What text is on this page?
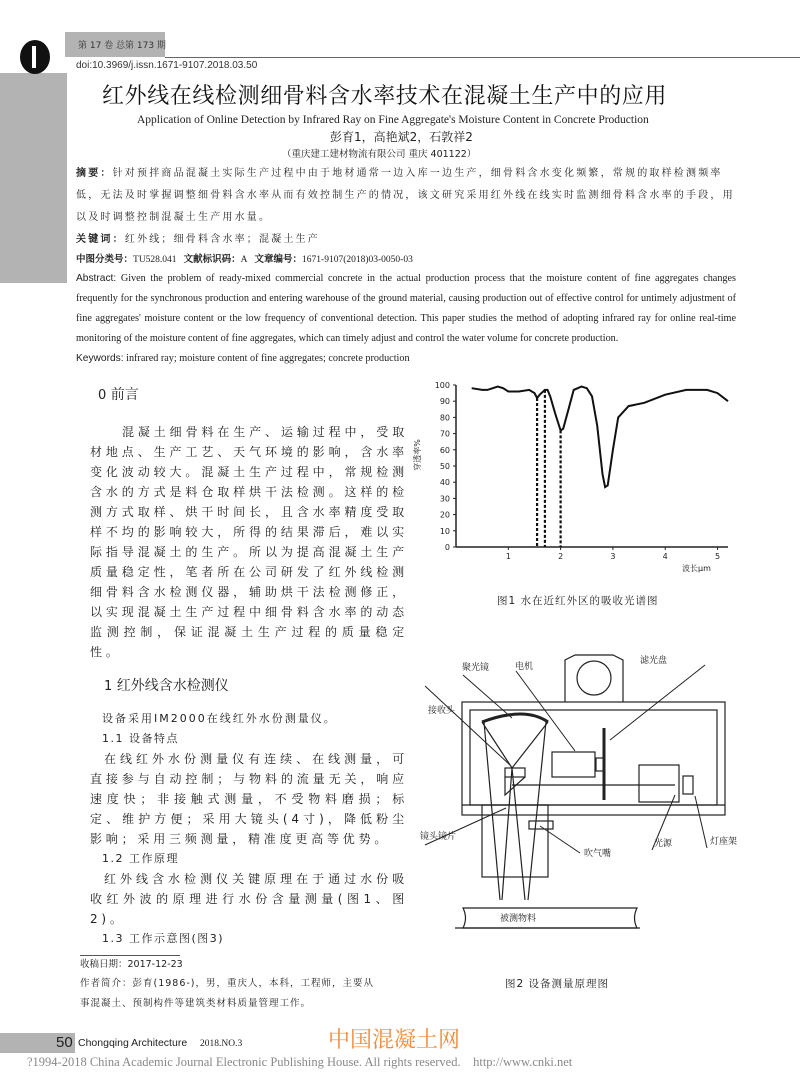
第 17 卷 总第 173 期
doi:10.3969/j.issn.1671-9107.2018.03.50
红外线在线检测细骨料含水率技术在混凝土生产中的应用
Application of Online Detection by Infrared Ray on Fine Aggregate's Moisture Content in Concrete Production
彭育1，高艳斌2，石敦祥2
（重庆建工建材物流有限公司 重庆 401122）
摘要：针对预拌商品混凝土实际生产过程中由于地材通常一边入库一边生产，细骨料含水变化频繁，常规的取样检测频率低，无法及时掌握调整细骨料含水率从而有效控制生产的情况，该文研究采用红外线在线实时监测细骨料含水率的手段，用以及时调整控制混凝土生产用水量。
关键词：红外线；细骨料含水率；混凝土生产
中图分类号：TU528.041 文献标识码：A 文章编号：1671-9107(2018)03-0050-03
Abstract: Given the problem of ready-mixed commercial concrete in the actual production process that the moisture content of fine aggregates changes frequently for the synchronous production and entering warehouse of the ground material, causing production out of effective control for untimely adjustment of fine aggregates' moisture content or the low frequency of conventional detection. This paper studies the method of adopting infrared ray for online real-time monitoring of the moisture content of fine aggregates, which can timely adjust and control the water volume for concrete production.
Keywords: infrared ray; moisture content of fine aggregates; concrete production
0 前言
混凝土细骨料在生产、运输过程中，受取材地点、生产工艺、天气环境的影响，含水率变化波动较大。混凝土生产过程中，常规检测含水的方式是料仓取样烘干法检测。这样的检测方式取样、烘干时间长，且含水率精度受取样不均的影响较大，所得的结果滞后，难以实际指导混凝土的生产。所以为提高混凝土生产质量稳定性，笔者所在公司研发了红外线检测细骨料含水检测仪器，辅助烘干法检测修正，以实现混凝土生产过程中细骨料含水率的动态监测控制，保证混凝土生产过程的质量稳定性。
1 红外线含水检测仪
设备采用IM2000在线红外水份测量仪。
1.1 设备特点
在线红外水份测量仪有连续、在线测量，可直接参与自动控制；与物料的流量无关，响应速度快；非接触式测量，不受物料磨损；标定、维护方便；采用大镜头(4寸)，降低粉尘影响；采用三频测量，精准度更高等优势。
1.2 工作原理
红外线含水检测仪关键原理在于通过水份吸收红外波的原理进行水份含量测量(图1、图2)。
1.3 工作示意图(图3)
收稿日期：2017-12-23
作者简介：彭育(1986-)，男，重庆人，本科，工程师，主要从事混凝土、预制构件等建筑类材料质量管理工作。
0
10
20
30
40
50
60
70
80
90
100
1	2	3	4	5
波长μm
穿透率%
图1 水在近红外区的吸收光谱图
聚光镜	电机
滤光盘
接收头
镜头镜片
吹气嘴
光源	灯座架
被测物料
图2 设备测量原理图
50 Chongqing Architecture 2018.NO.3	中国混凝土网
?1994-2018 China Academic Journal Electronic Publishing House. All rights reserved.    http://www.cnki.net
